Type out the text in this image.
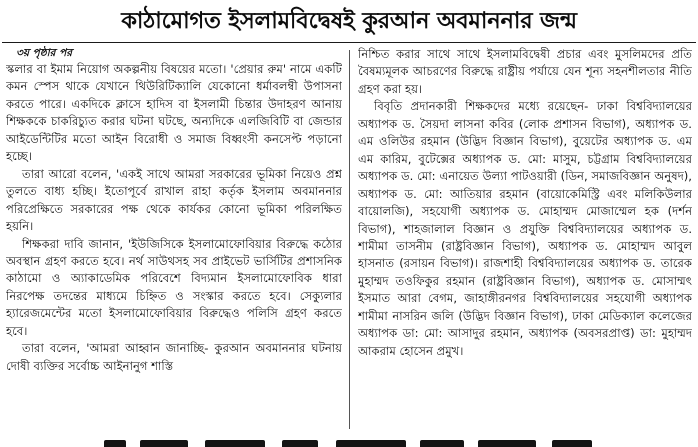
কাঠামোগত ইসলামবিদ্বেষই কুরআন অবমাননার জন্ম
৩য় পৃষ্ঠার পর

স্কলার বা ইমাম নিয়োগ অকল্পনীয় বিষয়ের মতো। 'প্রেয়ার রুম' নামে একটি কমন স্পেস থাকে যেখানে থিউরিটিক্যালি যেকোনো ধর্মাবলম্বী উপাসনা করতে পারে। একদিকে ক্লাসে হাদিস বা ইসলামী চিন্তার উদাহরণ আনায় শিক্ষককে চাকরিচ্যুত করার ঘটনা ঘটছে, অন্যদিকে এলজিবিটি বা জেন্ডার আইডেন্টিটির মতো আইন বিরোধী ও সমাজ বিধ্বংসী কনসেপ্ট পড়ানো হচ্ছে।

তারা আরো বলেন, 'একই সাথে আমরা সরকারের ভূমিকা নিয়েও প্রশ্ন তুলতে বাধ্য হচ্ছি। ইতোপূর্বে রাখাল রাহা কর্তৃক ইসলাম অবমাননার পরিপ্রেক্ষিতে সরকারের পক্ষ থেকে কার্যকর কোনো ভূমিকা পরিলক্ষিত হয়নি।

শিক্ষকরা দাবি জানান, 'ইউজিসিকে ইসলামোফোবিয়ার বিরুদ্ধে কঠোর অবস্থান গ্রহণ করতে হবে। নর্থ সাউথসহ সব প্রাইভেট ভার্সিটির প্রশাসনিক কাঠামো ও অ্যাকাডেমিক পরিবেশে বিদ্যমান ইসলামোফোবিক ধারা নিরপেক্ষ তদন্তের মাধ্যমে চিহ্নিত ও সংস্কার করতে হবে। সেক্যুলার হ্যারেজমেন্টের মতো ইসলামোফোবিয়ার বিরুদ্ধেও পলিসি গ্রহণ করতে হবে।

তারা বলেন, 'আমরা আহ্বান জানাচ্ছি- কুরআন অবমাননার ঘটনায় দোষী ব্যক্তির সর্বোচ্চ আইনানুগ শাস্তি

নিশ্চিত করার সাথে সাথে ইসলামবিদ্বেষী প্রচার এবং মুসলিমদের প্রতি বৈষম্যমূলক আচরণের বিরুদ্ধে রাষ্ট্রীয় পর্যায়ে যেন শূন্য সহনশীলতার নীতি গ্রহণ করা হয়।

বিবৃতি প্রদানকারী শিক্ষকদের মধ্যে রয়েছেন- ঢাকা বিশ্ববিদ্যালয়ের অধ্যাপক ড. সৈয়দা লাসনা কবির (লোক প্রশাসন বিভাগ), অধ্যাপক ড. এম ওলিউর রহমান (উদ্ভিদ বিজ্ঞান বিভাগ), বুয়েটের অধ্যাপক ড. এম এম কারিম, বুটেক্সের অধ্যাপক ড. মো: মাসুম, চট্টগ্রাম বিশ্ববিদ্যালয়ের অধ্যাপক ড. মো: এনায়েত উল্যা পাটওয়ারী (ডিন, সমাজবিজ্ঞান অনুষদ), অধ্যাপক ড. মো: আতিয়ার রহমান (বায়োকেমিস্ট্রি এবং মলিকিউলার বায়োলজি), সহযোগী অধ্যাপক ড. মোহাম্মদ মোজাম্মেল হক (দর্শন বিভাগ), শাহজালাল বিজ্ঞান ও প্রযুক্তি বিশ্ববিদ্যালয়ের অধ্যাপক ড. শামীমা তাসনীম (রাষ্ট্রবিজ্ঞান বিভাগ), অধ্যাপক ড. মোহাম্মদ আবুল হাসনাত (রসায়ন বিভাগ)। রাজশাহী বিশ্ববিদ্যালয়ের অধ্যাপক ড. তারেক মুহাম্মদ তওফিকুর রহমান (রাষ্ট্রবিজ্ঞান বিভাগ), অধ্যাপক ড. মোসাম্মৎ ইসমাত আরা বেগম, জাহাঙ্গীরনগর বিশ্ববিদ্যালয়ের সহযোগী অধ্যাপক শামীমা নাসরিন জলি (উদ্ভিদ বিজ্ঞান বিভাগ), ঢাকা মেডিক্যাল কলেজের অধ্যাপক ডা: মো: আসাদুর রহমান, অধ্যাপক (অবসরপ্রাপ্ত) ডা: মুহাম্মদ আকরাম হোসেন প্রমুখ।
